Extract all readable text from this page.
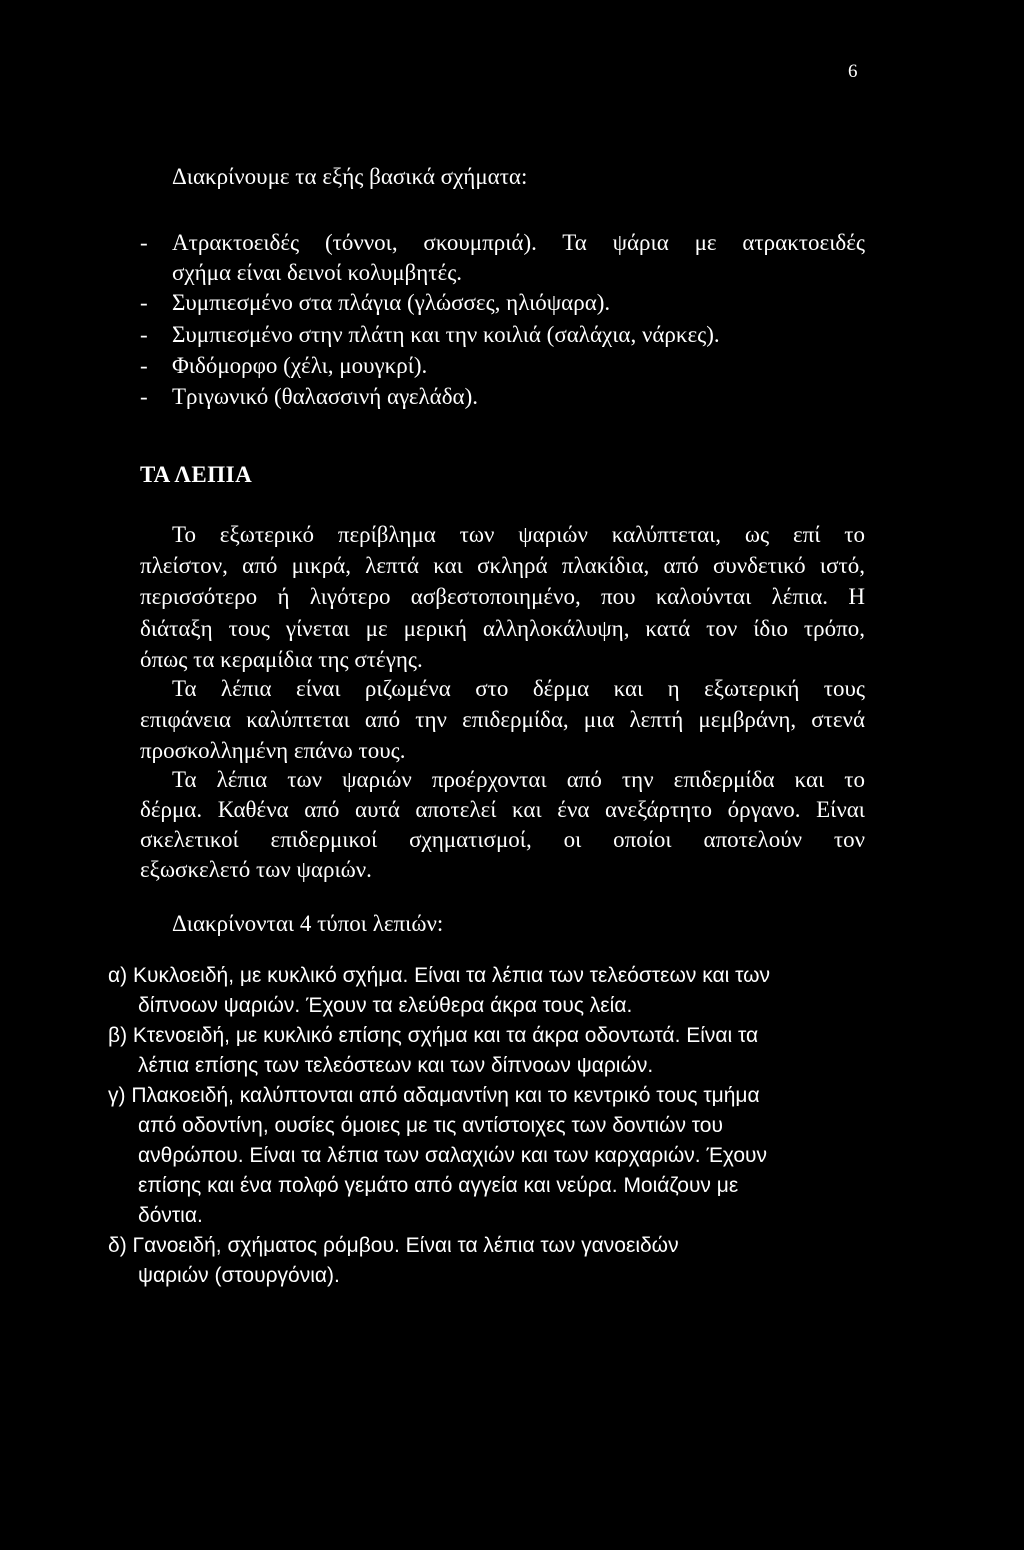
6
Διακρίνουμε τα εξής βασικά σχήματα:
- Ατρακτοειδές (τόννοι, σκουμπριά). Τα ψάρια με ατρακτοειδές
σχήμα είναι δεινοί κολυμβητές.
- Συμπιεσμένο στα πλάγια (γλώσσες, ηλιόψαρα).
- Συμπιεσμένο στην πλάτη και την κοιλιά (σαλάχια, νάρκες).
- Φιδόμορφο (χέλι, μουγκρί).
- Τριγωνικό (θαλασσινή αγελάδα).
ΤΑ ΛΕΠΙΑ
Το εξωτερικό περίβλημα των ψαριών καλύπτεται, ως επί το
πλείστον, από μικρά, λεπτά και σκληρά πλακίδια, από συνδετικό ιστό,
περισσότερο ή λιγότερο ασβεστοποιημένο, που καλούνται λέπια. Η
διάταξη τους γίνεται με μερική αλληλοκάλυψη, κατά τον ίδιο τρόπο,
όπως τα κεραμίδια της στέγης.
Τα λέπια είναι ριζωμένα στο δέρμα και η εξωτερική τους
επιφάνεια καλύπτεται από την επιδερμίδα, μια λεπτή μεμβράνη, στενά
προσκολλημένη επάνω τους.
Τα λέπια των ψαριών προέρχονται από την επιδερμίδα και το
δέρμα. Καθένα από αυτά αποτελεί και ένα ανεξάρτητο όργανο. Είναι
σκελετικοί επιδερμικοί σχηματισμοί, οι οποίοι αποτελούν τον
εξωσκελετό των ψαριών.
Διακρίνονται 4 τύποι λεπιών:
α) Κυκλοειδή, με κυκλικό σχήμα. Είναι τα λέπια των τελεόστεων και των
δίπνοων ψαριών. Έχουν τα ελεύθερα άκρα τους λεία.
β) Κτενοειδή, με κυκλικό επίσης σχήμα και τα άκρα οδοντωτά. Είναι τα
λέπια επίσης των τελεόστεων και των δίπνοων ψαριών.
γ) Πλακοειδή, καλύπτονται από αδαμαντίνη και το κεντρικό τους τμήμα
από οδοντίνη, ουσίες όμοιες με τις αντίστοιχες των δοντιών του
ανθρώπου. Είναι τα λέπια των σαλαχιών και των καρχαριών. Έχουν
επίσης και ένα πολφό γεμάτο από αγγεία και νεύρα. Μοιάζουν με
δόντια.
δ) Γανοειδή, σχήματος ρόμβου. Είναι τα λέπια των γανοειδών
ψαριών (στουργόνια).
